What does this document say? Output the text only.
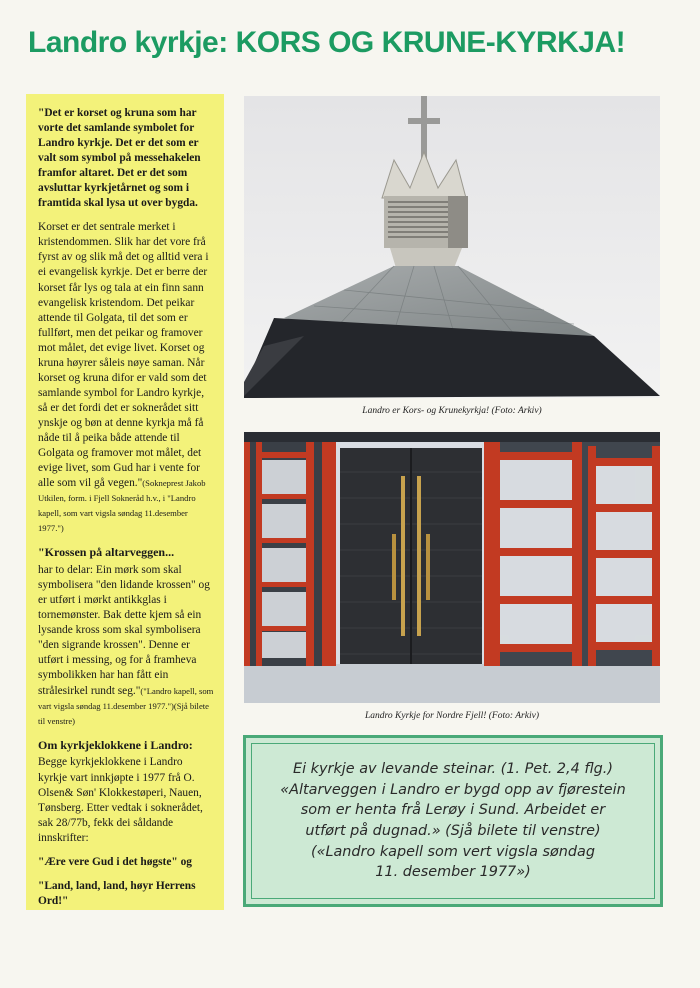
Landro kyrkje: KORS OG KRUNE-KYRKJA!

"Det er korset og kruna som har vorte det samlande symbolet for Landro kyrkje. Det er det som er valt som symbol på messehakelen framfor altaret. Det er det som avsluttar kyrkjetårnet og som i framtida skal lysa ut over bygda.

Korset er det sentrale merket i kristendommen. Slik har det vore frå fyrst av og slik må det og alltid vera i ei evangelisk kyrkje. Det er berre der korset får lys og tala at ein finn sann evangelisk kristendom. Det peikar attende til Golgata, til det som er fullført, men det peikar og framover mot målet, det evige livet. Korset og kruna høyrer såleis nøye saman. Når korset og kruna difor er vald som det samlande symbol for Landro kyrkje, så er det fordi det er soknerådet sitt ynskje og bøn at denne kyrkja må få nåde til å peika både attende til Golgata og framover mot målet, det evige livet, som Gud har i vente for alle som vil gå vegen."(Sokneprest Jakob Utkilen, form. i Fjell Sokneråd h.v., i "Landro kapell, som vart vigsla søndag 11.desember 1977.")

"Krossen på altarveggen...

har to delar: Ein mørk som skal symbolisera "den lidande krossen" og er utført i mørkt antikkglas i tornemønster. Bak dette kjem så ein lysande kross som skal symbolisera "den sigrande krossen". Denne er utført i messing, og for å framheva symbolikken har han fått ein strålesirkel rundt seg."("Landro kapell, som vart vigsla søndag 11.desember 1977.")(Sjå bilete til venstre)

Om kyrkjeklokkene i Landro:

Begge kyrkjeklokkene i Landro kyrkje vart innkjøpte i 1977 frå O. Olsen& Søn' Klokkestøperi, Nauen, Tønsberg. Etter vedtak i soknerådet, sak 28/77b, fekk dei såldande innskrifter:

"Ære vere Gud i det høgste" og

"Land, land, land, høyr Herrens Ord!"

Landro er Kors- og Krunekyrkja! (Foto: Arkiv)
Landro Kyrkje for Nordre Fjell! (Foto: Arkiv)
Ei kyrkje av levande steinar. (1. Pet. 2,4 flg.)
«Altarveggen i Landro er bygd opp av fjørestein
som er henta frå Lerøy i Sund. Arbeidet er
utført på dugnad.» (Sjå bilete til venstre)
(«Landro kapell som vert vigsla søndag
11. desember 1977»)
